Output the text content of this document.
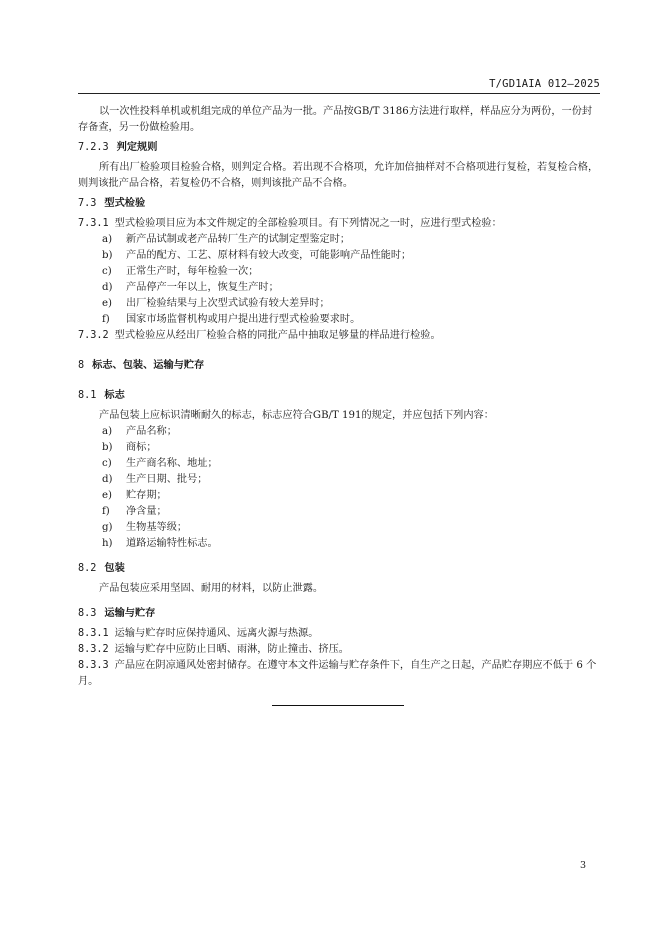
T/GD1AIA 012—2025

以一次性投料单机或机组完成的单位产品为一批。产品按GB/T 3186方法进行取样，样品应分为两份，一份封存备查，另一份做检验用。

7.2.3 判定规则

所有出厂检验项目检验合格，则判定合格。若出现不合格项，允许加倍抽样对不合格项进行复检，若复检合格，则判该批产品合格，若复检仍不合格，则判该批产品不合格。

7.3 型式检验

7.3.1 型式检验项目应为本文件规定的全部检验项目。有下列情况之一时，应进行型式检验：

a) 新产品试制或老产品转厂生产的试制定型鉴定时；

b) 产品的配方、工艺、原材料有较大改变，可能影响产品性能时；

c) 正常生产时，每年检验一次；

d) 产品停产一年以上，恢复生产时；

e) 出厂检验结果与上次型式试验有较大差异时；

f) 国家市场监督机构或用户提出进行型式检验要求时。

7.3.2 型式检验应从经出厂检验合格的同批产品中抽取足够量的样品进行检验。

8 标志、包装、运输与贮存

8.1 标志

产品包装上应标识清晰耐久的标志，标志应符合GB/T 191的规定，并应包括下列内容：

a) 产品名称；

b) 商标；

c) 生产商名称、地址；

d) 生产日期、批号；

e) 贮存期；

f) 净含量；

g) 生物基等级；

h) 道路运输特性标志。

8.2 包装

产品包装应采用坚固、耐用的材料，以防止泄露。

8.3 运输与贮存

8.3.1 运输与贮存时应保持通风、远离火源与热源。

8.3.2 运输与贮存中应防止日晒、雨淋，防止撞击、挤压。

8.3.3 产品应在阴凉通风处密封储存。在遵守本文件运输与贮存条件下，自生产之日起，产品贮存期应不低于 6 个月。

3
